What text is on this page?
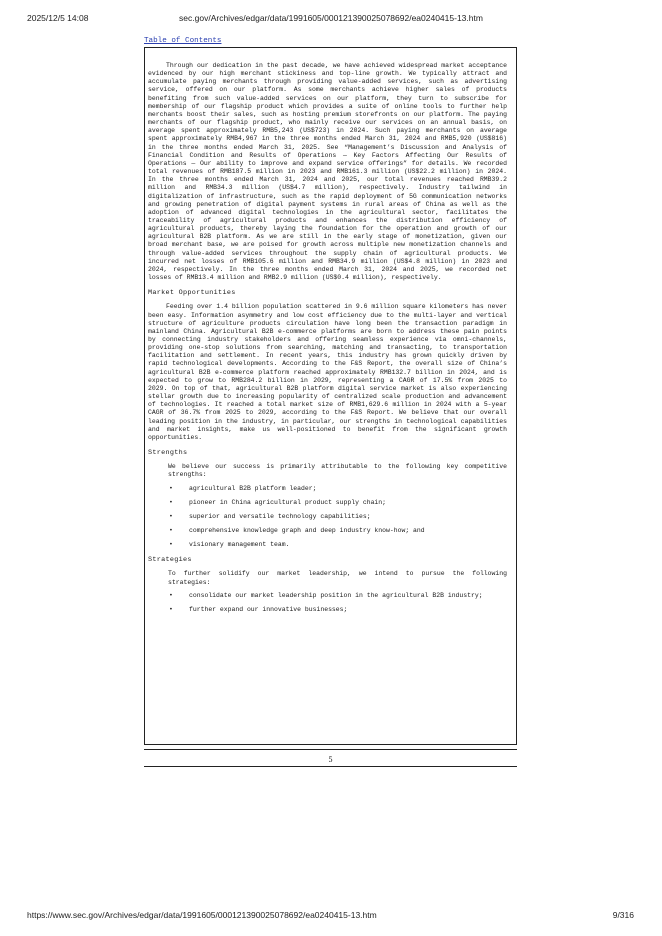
2025/12/5 14:08	sec.gov/Archives/edgar/data/1991605/000121390025078692/ea0240415-13.htm
Table of Contents

Through our dedication in the past decade, we have achieved widespread market acceptance evidenced by our high merchant stickiness and top-line growth. We typically attract and accumulate paying merchants through providing value-added services, such as advertising service, offered on our platform. As some merchants achieve higher sales of products benefiting from such value-added services on our platform, they turn to subscribe for membership of our flagship product which provides a suite of online tools to further help merchants boost their sales, such as hosting premium storefronts on our platform. The paying merchants of our flagship product, who mainly receive our services on an annual basis, on average spent approximately RMB5,243 (US$723) in 2024. Such paying merchants on average spent approximately RMB4,967 in the three months ended March 31, 2024 and RMB5,920 (US$816) in the three months ended March 31, 2025. See “Management’s Discussion and Analysis of Financial Condition and Results of Operations — Key Factors Affecting Our Results of Operations — Our ability to improve and expand service offerings” for details. We recorded total revenues of RMB187.5 million in 2023 and RMB161.3 million (US$22.2 million) in 2024. In the three months ended March 31, 2024 and 2025, our total revenues reached RMB39.2 million and RMB34.3 million (US$4.7 million), respectively. Industry tailwind in digitalization of infrastructure, such as the rapid deployment of 5G communication networks and growing penetration of digital payment systems in rural areas of China as well as the adoption of advanced digital technologies in the agricultural sector, facilitates the traceability of agricultural products and enhances the distribution efficiency of agricultural products, thereby laying the foundation for the operation and growth of our agricultural B2B platform. As we are still in the early stage of monetization, given our broad merchant base, we are poised for growth across multiple new monetization channels and through value-added services throughout the supply chain of agricultural products. We incurred net losses of RMB105.6 million and RMB34.9 million (US$4.8 million) in 2023 and 2024, respectively. In the three months ended March 31, 2024 and 2025, we recorded net losses of RMB13.4 million and RMB2.9 million (US$0.4 million), respectively.

Market Opportunities

Feeding over 1.4 billion population scattered in 9.6 million square kilometers has never been easy. Information asymmetry and low cost efficiency due to the multi-layer and vertical structure of agriculture products circulation have long been the transaction paradigm in mainland China. Agricultural B2B e-commerce platforms are born to address these pain points by connecting industry stakeholders and offering seamless experience via omni-channels, providing one-stop solutions from searching, matching and transacting, to transportation facilitation and settlement. In recent years, this industry has grown quickly driven by rapid technological developments. According to the F&S Report, the overall size of China’s agricultural B2B e-commerce platform reached approximately RMB132.7 billion in 2024, and is expected to grow to RMB284.2 billion in 2029, representing a CAGR of 17.5% from 2025 to 2029. On top of that, agricultural B2B platform digital service market is also experiencing stellar growth due to increasing popularity of centralized scale production and advancement of technologies. It reached a total market size of RMB1,629.6 million in 2024 with a 5-year CAGR of 36.7% from 2025 to 2029, according to the F&S Report. We believe that our overall leading position in the industry, in particular, our strengths in technological capabilities and market insights, make us well-positioned to benefit from the significant growth opportunities.

Strengths

We believe our success is primarily attributable to the following key competitive strengths:

•	agricultural B2B platform leader;
•	pioneer in China agricultural product supply chain;
•	superior and versatile technology capabilities;
•	comprehensive knowledge graph and deep industry know-how; and
•	visionary management team.
Strategies

To further solidify our market leadership, we intend to pursue the following strategies:

•	consolidate our market leadership position in the agricultural B2B industry;
•	further expand our innovative businesses;
5
https://www.sec.gov/Archives/edgar/data/1991605/000121390025078692/ea0240415-13.htm	9/316
